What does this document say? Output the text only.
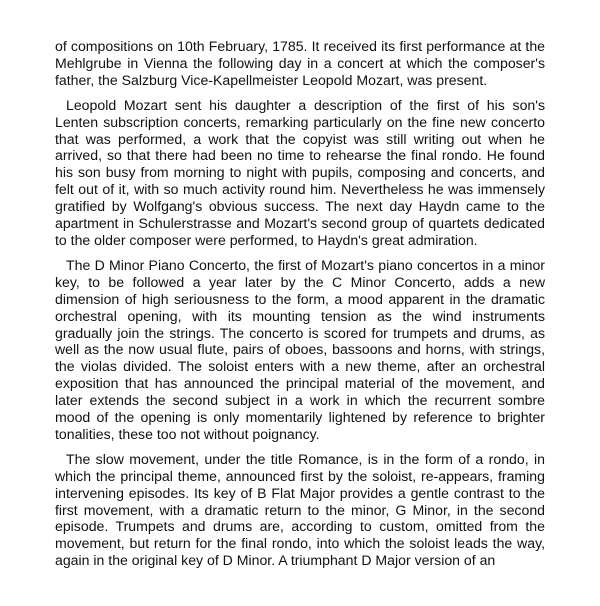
of compositions on 10th February, 1785. It received its first performance at the Mehlgrube in Vienna the following day in a concert at which the composer's father, the Salzburg Vice-Kapellmeister Leopold Mozart, was present.

Leopold Mozart sent his daughter a description of the first of his son's Lenten subscription concerts, remarking particularly on the fine new concerto that was performed, a work that the copyist was still writing out when he arrived, so that there had been no time to rehearse the final rondo. He found his son busy from morning to night with pupils, composing and concerts, and felt out of it, with so much activity round him. Nevertheless he was immensely gratified by Wolfgang's obvious success. The next day Haydn came to the apartment in Schulerstrasse and Mozart's second group of quartets dedicated to the older composer were performed, to Haydn's great admiration.

The D Minor Piano Concerto, the first of Mozart's piano concertos in a minor key, to be followed a year later by the C Minor Concerto, adds a new dimension of high seriousness to the form, a mood apparent in the dramatic orchestral opening, with its mounting tension as the wind instruments gradually join the strings. The concerto is scored for trumpets and drums, as well as the now usual flute, pairs of oboes, bassoons and horns, with strings, the violas divided. The soloist enters with a new theme, after an orchestral exposition that has announced the principal material of the movement, and later extends the second subject in a work in which the recurrent sombre mood of the opening is only momentarily lightened by reference to brighter tonalities, these too not without poignancy.

The slow movement, under the title Romance, is in the form of a rondo, in which the principal theme, announced first by the soloist, re-appears, framing intervening episodes. Its key of B Flat Major provides a gentle contrast to the first movement, with a dramatic return to the minor, G Minor, in the second episode. Trumpets and drums are, according to custom, omitted from the movement, but return for the final rondo, into which the soloist leads the way, again in the original key of D Minor. A triumphant D Major version of an
